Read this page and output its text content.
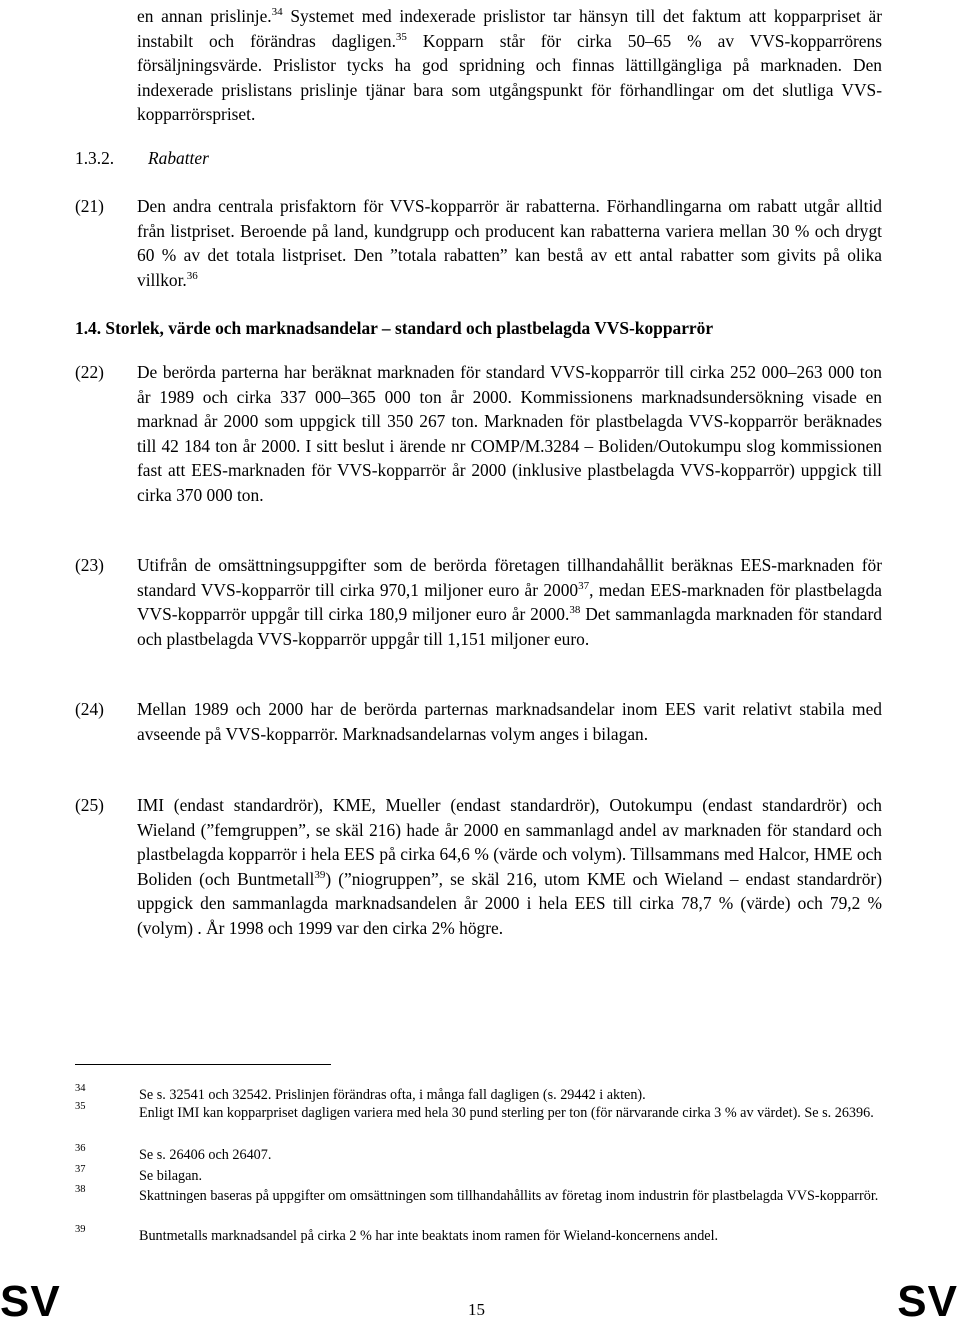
en annan prislinje.$^{34}$ Systemet med indexerade prislistor tar hänsyn till det faktum att kopparpriset är instabilt och förändras dagligen.$^{35}$ Kopparn står för cirka 50–65 % av VVS-kopparrörens försäljningsvärde. Prislistor tycks ha god spridning och finnas lättillgängliga på marknaden. Den indexerade prislistans prislinje tjänar bara som utgångspunkt för förhandlingar om det slutliga VVS-kopparrörspriset.
1.3.2. Rabatter
(21) Den andra centrala prisfaktorn för VVS-kopparrör är rabatterna. Förhandlingarna om rabatt utgår alltid från listpriset. Beroende på land, kundgrupp och producent kan rabatterna variera mellan 30 % och drygt 60 % av det totala listpriset. Den ”totala rabatten” kan bestå av ett antal rabatter som givits på olika villkor.$^{36}$
1.4. Storlek, värde och marknadsandelar – standard och plastbelagda VVS-kopparrör
(22) De berörda parterna har beräknat marknaden för standard VVS-kopparrör till cirka 252 000–263 000 ton år 1989 och cirka 337 000–365 000 ton år 2000. Kommissionens marknadsundersökning visade en marknad år 2000 som uppgick till 350 267 ton. Marknaden för plastbelagda VVS-kopparrör beräknades till 42 184 ton år 2000. I sitt beslut i ärende nr COMP/M.3284 – Boliden/Outokumpu slog kommissionen fast att EES-marknaden för VVS-kopparrör år 2000 (inklusive plastbelagda VVS-kopparrör) uppgick till cirka 370 000 ton.
(23) Utifrån de omsättningsuppgifter som de berörda företagen tillhandahållit beräknas EES-marknaden för standard VVS-kopparrör till cirka 970,1 miljoner euro år 2000$^{37}$, medan EES-marknaden för plastbelagda VVS-kopparrör uppgår till cirka 180,9 miljoner euro år 2000.38 Det sammanlagda marknaden för standard och plastbelagda VVS-kopparrör uppgår till 1,151 miljoner euro.
(24) Mellan 1989 och 2000 har de berörda parternas marknadsandelar inom EES varit relativt stabila med avseende på VVS-kopparrör. Marknadsandelarnas volym anges i bilagan.
(25) IMI (endast standardrör), KME, Mueller (endast standardrör), Outokumpu (endast standardrör) och Wieland (”femgruppen”, se skäl 216) hade år 2000 en sammanlagd andel av marknaden för standard och plastbelagda kopparrör i hela EES på cirka 64,6 % (värde och volym). Tillsammans med Halcor, HME och Boliden (och Buntmetall$^{39}$) (”niogruppen”, se skäl 216, utom KME och Wieland – endast standardrör) uppgick den sammanlagda marknadsandelen år 2000 i hela EES till cirka 78,7 % (värde) och 79,2 % (volym) . År 1998 och 1999 var den cirka 2% högre.
34	Se s. 32541 och 32542. Prislinjen förändras ofta, i många fall dagligen (s. 29442 i akten).
35	Enligt IMI kan kopparpriset dagligen variera med hela 30 pund sterling per ton (för närvarande cirka 3 % av värdet). Se s. 26396.
36	Se s. 26406 och 26407.
37	Se bilagan.
38	Skattningen baseras på uppgifter om omsättningen som tillhandahållits av företag inom industrin för plastbelagda VVS-kopparrör.
39	Buntmetalls marknadsandel på cirka 2 % har inte beaktats inom ramen för Wieland-koncernens andel.
SV	15	SV
